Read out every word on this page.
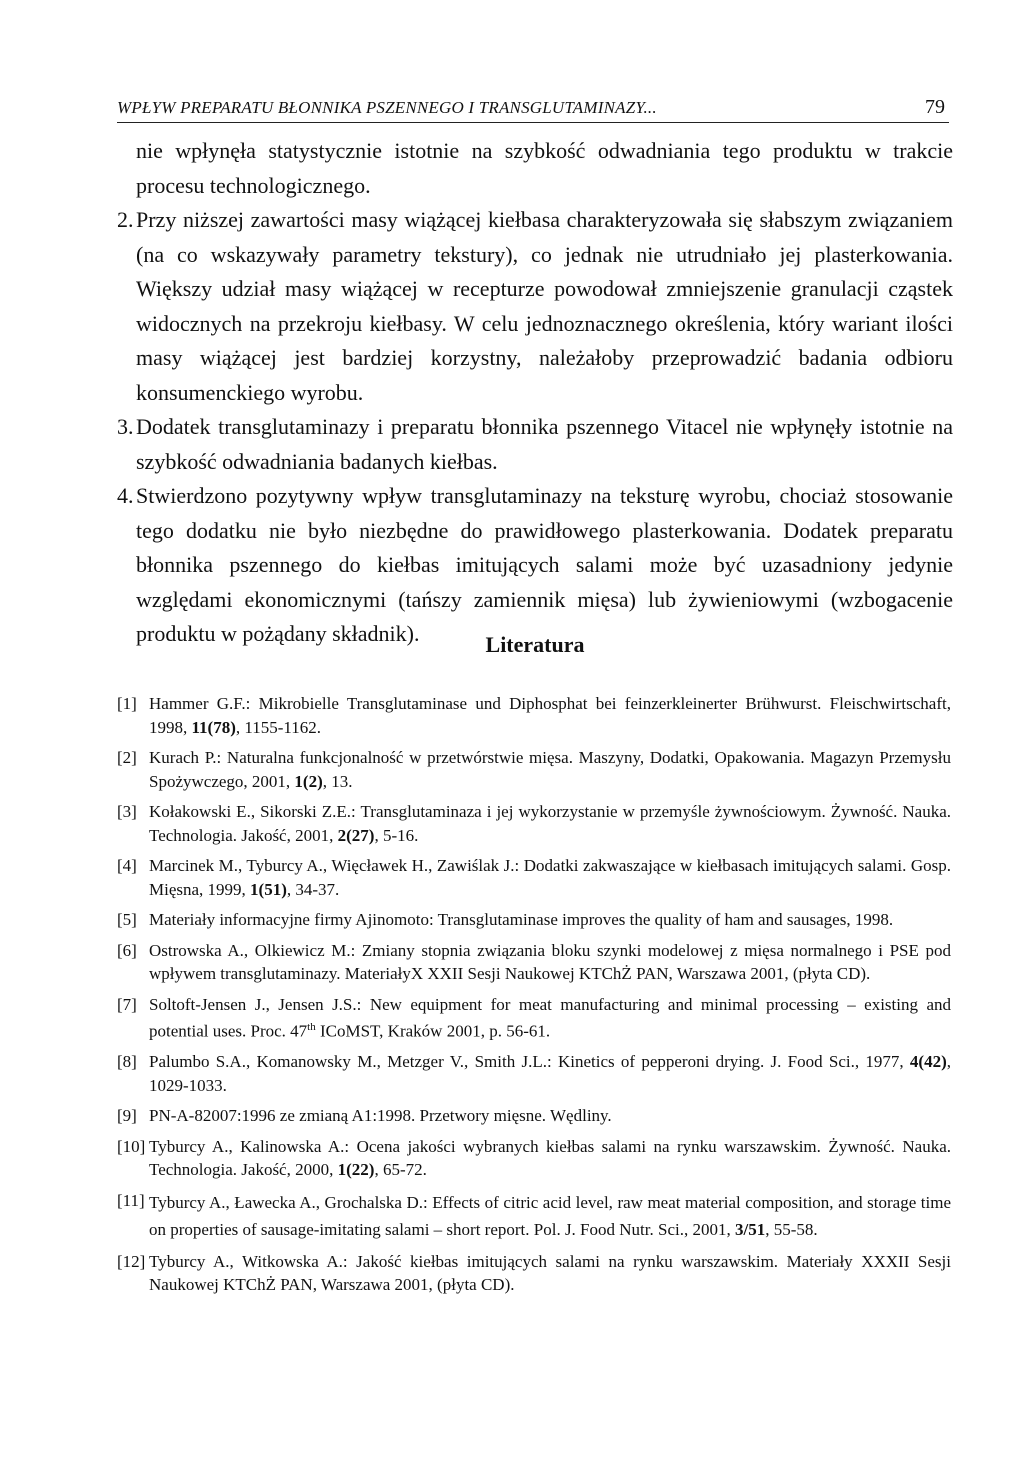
WPŁYW PREPARATU BŁONNIKA PSZENNEGO I TRANSGLUTAMINAZY...	79
nie wpłynęła statystycznie istotnie na szybkość odwadniania tego produktu w trakcie procesu technologicznego.
2. Przy niższej zawartości masy wiążącej kiełbasa charakteryzowała się słabszym związaniem (na co wskazywały parametry tekstury), co jednak nie utrudniało jej plasterkowania. Większy udział masy wiążącej w recepturze powodował zmniejszenie granulacji cząstek widocznych na przekroju kiełbasy. W celu jednoznacznego określenia, który wariant ilości masy wiążącej jest bardziej korzystny, należałoby przeprowadzić badania odbioru konsumenckiego wyrobu.
3. Dodatek transglutaminazy i preparatu błonnika pszennego Vitacel nie wpłynęły istotnie na szybkość odwadniania badanych kiełbas.
4. Stwierdzono pozytywny wpływ transglutaminazy na teksturę wyrobu, chociaż stosowanie tego dodatku nie było niezbędne do prawidłowego plasterkowania. Dodatek preparatu błonnika pszennego do kiełbas imitujących salami może być uzasadniony jedynie względami ekonomicznymi (tańszy zamiennik mięsa) lub żywieniowymi (wzbogacenie produktu w pożądany składnik).	Literatura
[1] Hammer G.F.: Mikrobielle Transglutaminase und Diphosphat bei feinzerkleinerter Brühwurst. Fleischwirtschaft, 1998, 11(78), 1155-1162.
[2] Kurach P.: Naturalna funkcjonalność w przetwórstwie mięsa. Maszyny, Dodatki, Opakowania. Magazyn Przemysłu Spożywczego, 2001, 1(2), 13.
[3] Kołakowski E., Sikorski Z.E.: Transglutaminaza i jej wykorzystanie w przemyśle żywnościowym. Żywność. Nauka. Technologia. Jakość, 2001, 2(27), 5-16.
[4] Marcinek M., Tyburcy A., Więcławek H., Zawiślak J.: Dodatki zakwaszające w kiełbasach imitujących salami. Gosp. Mięsna, 1999, 1(51), 34-37.
[5] Materiały informacyjne firmy Ajinomoto: Transglutaminase improves the quality of ham and sausages, 1998.
[6] Ostrowska A., Olkiewicz M.: Zmiany stopnia związania bloku szynki modelowej z mięsa normalnego i PSE pod wpływem transglutaminazy. MateriałyX XXII Sesji Naukowej KTChŻ PAN, Warszawa 2001, (płyta CD).
[7] Soltoft-Jensen J., Jensen J.S.: New equipment for meat manufacturing and minimal processing – existing and potential uses. Proc. 47th ICoMST, Kraków 2001, p. 56-61.
[8] Palumbo S.A., Komanowsky M., Metzger V., Smith J.L.: Kinetics of pepperoni drying. J. Food Sci., 1977, 4(42), 1029-1033.
[9] PN-A-82007:1996 ze zmianą A1:1998. Przetwory mięsne. Wędliny.
[10] Tyburcy A., Kalinowska A.: Ocena jakości wybranych kiełbas salami na rynku warszawskim. Żywność. Nauka. Technologia. Jakość, 2000, 1(22), 65-72.
[11] Tyburcy A., Ławecka A., Grochalska D.: Effects of citric acid level, raw meat material composition, and storage time on properties of sausage-imitating salami – short report. Pol. J. Food Nutr. Sci., 2001, 3/51, 55-58.
[12] Tyburcy A., Witkowska A.: Jakość kiełbas imitujących salami na rynku warszawskim. Materiały XXXII Sesji Naukowej KTChŻ PAN, Warszawa 2001, (płyta CD).
